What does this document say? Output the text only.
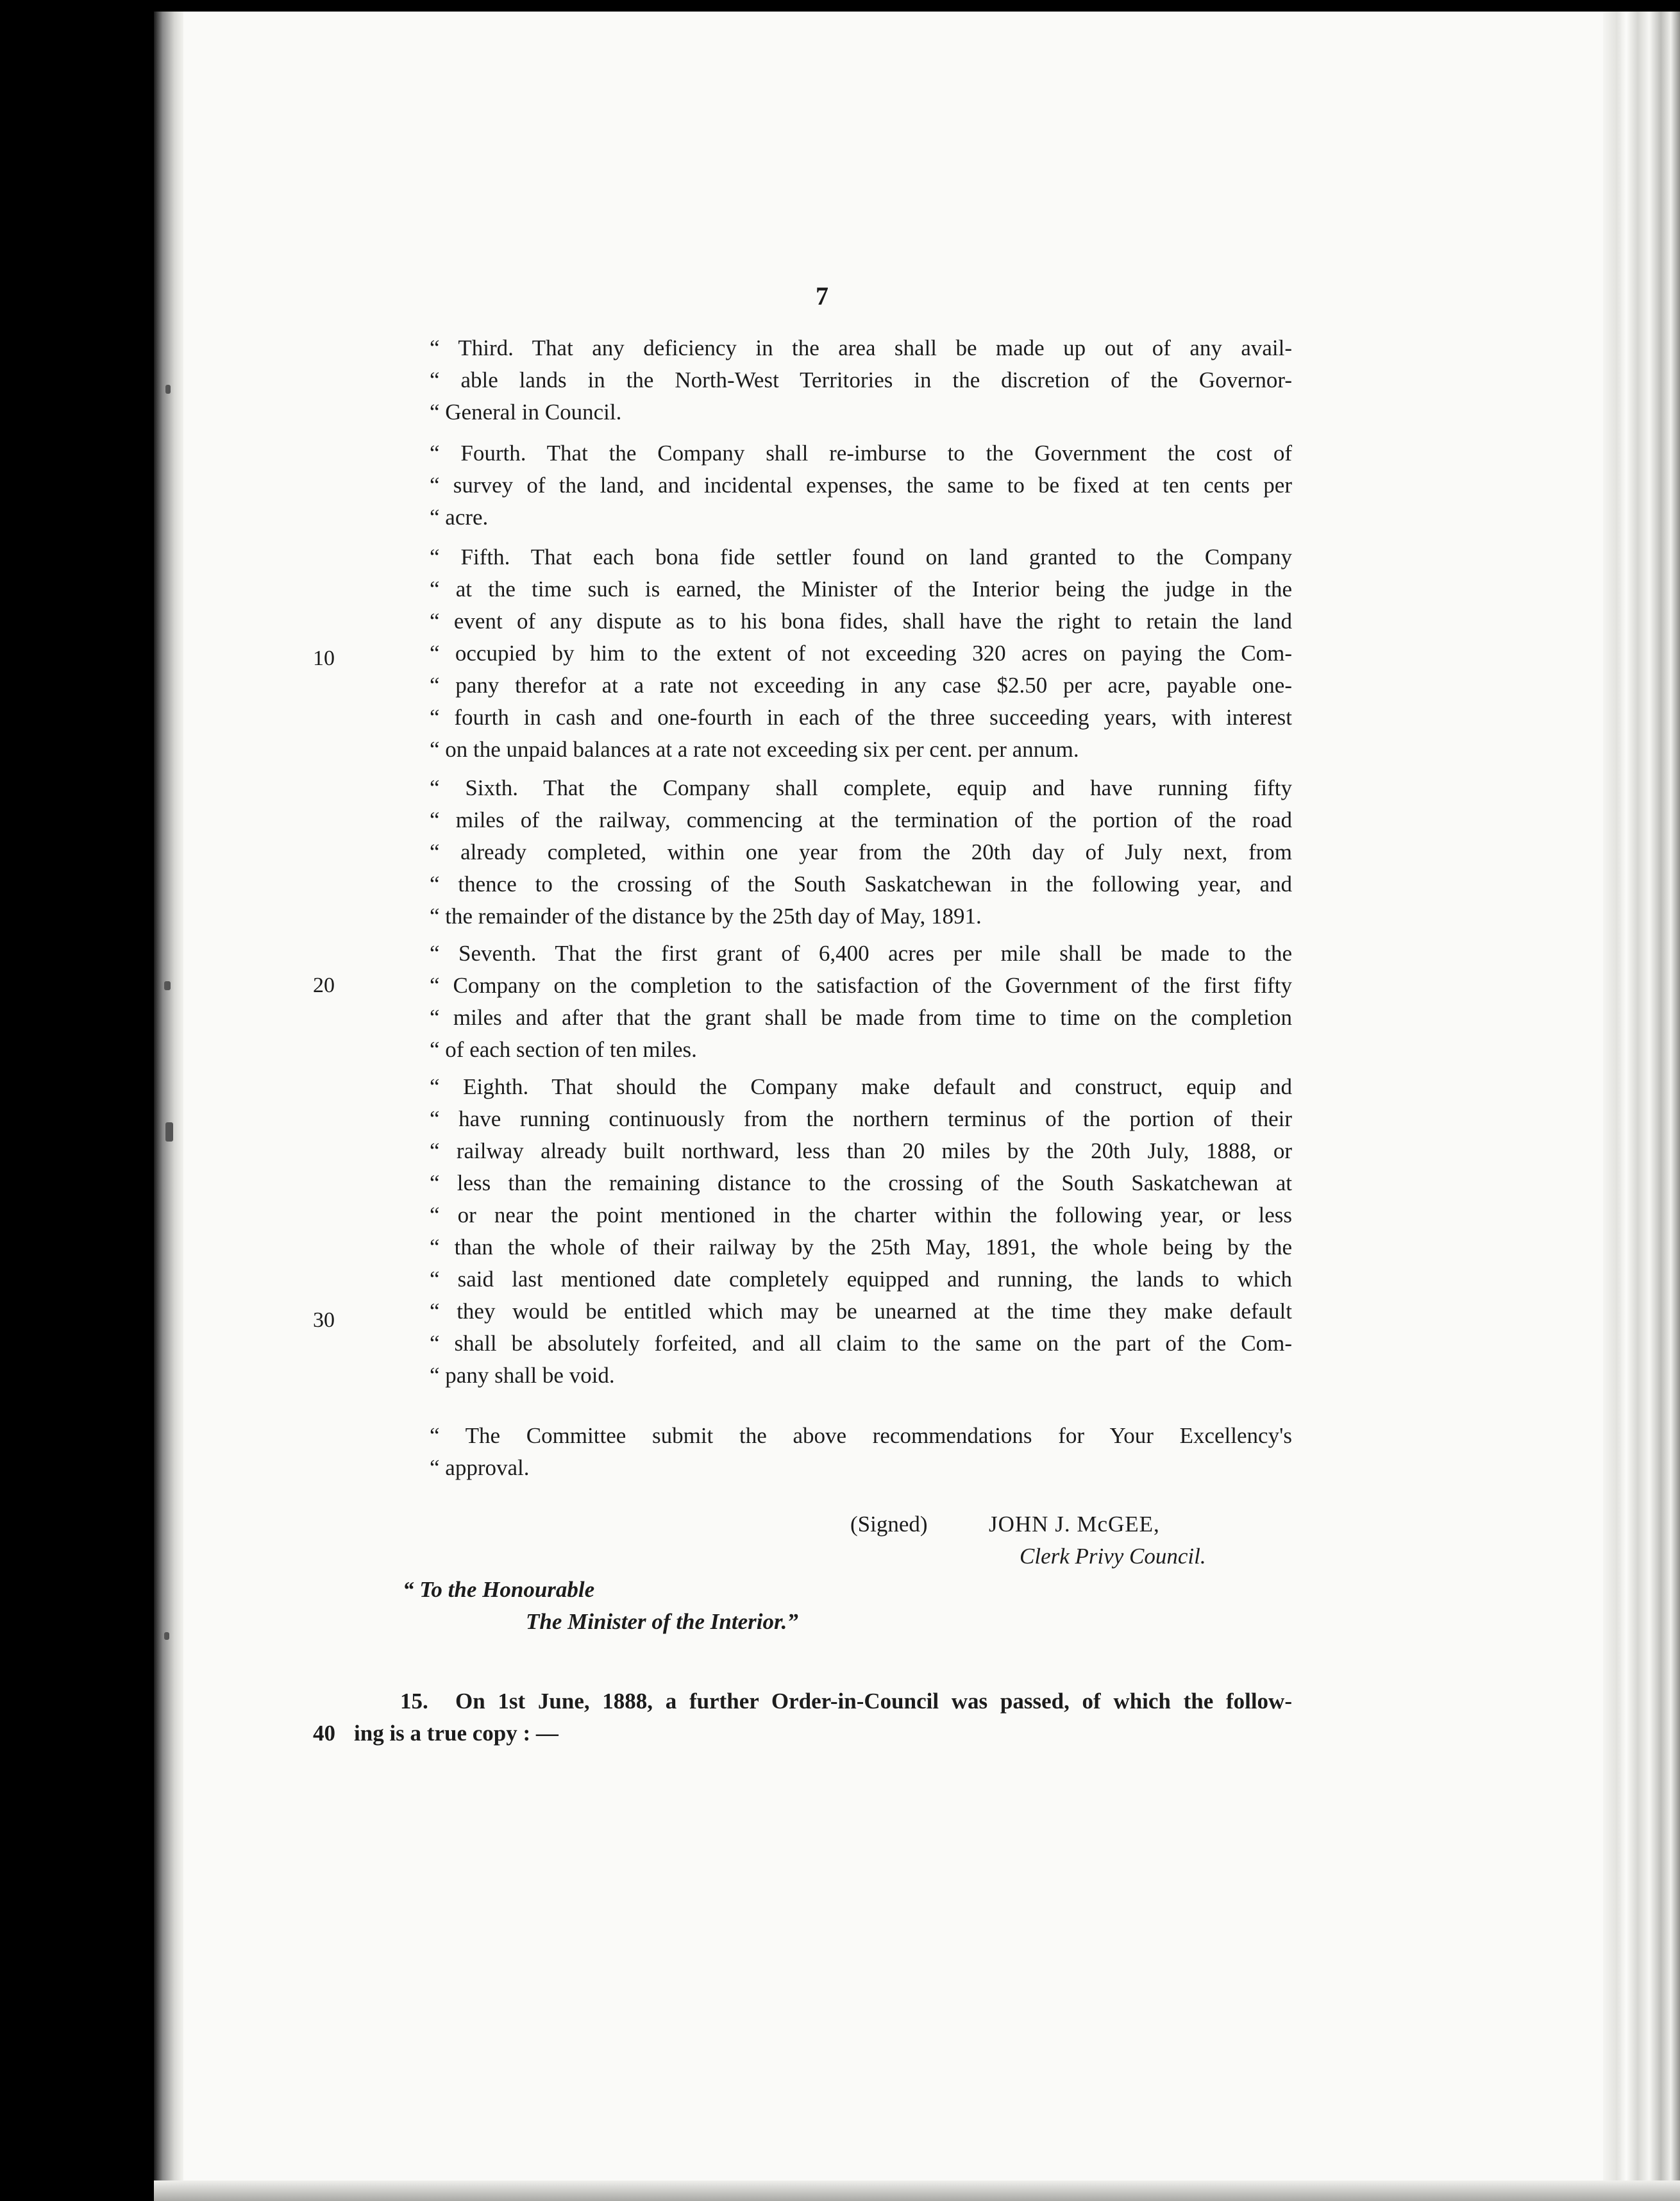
7
“ Third. That any deficiency in the area shall be made up out of any avail-
“ able lands in the North-West Territories in the discretion of the Governor-
“ General in Council.
“ Fourth. That the Company shall re-imburse to the Government the cost of
“ survey of the land, and incidental expenses, the same to be fixed at ten cents per
“ acre.
“ Fifth. That each bona fide settler found on land granted to the Company
“ at the time such is earned, the Minister of the Interior being the judge in the
“ event of any dispute as to his bona fides, shall have the right to retain the land
“ occupied by him to the extent of not exceeding 320 acres on paying the Com-
“ pany therefor at a rate not exceeding in any case $2.50 per acre, payable one-
“ fourth in cash and one-fourth in each of the three succeeding years, with interest
“ on the unpaid balances at a rate not exceeding six per cent. per annum.
10
“ Sixth. That the Company shall complete, equip and have running fifty
“ miles of the railway, commencing at the termination of the portion of the road
“ already completed, within one year from the 20th day of July next, from
“ thence to the crossing of the South Saskatchewan in the following year, and
“ the remainder of the distance by the 25th day of May, 1891.
“ Seventh. That the first grant of 6,400 acres per mile shall be made to the
“ Company on the completion to the satisfaction of the Government of the first fifty
“ miles and after that the grant shall be made from time to time on the completion
“ of each section of ten miles.
20
“ Eighth. That should the Company make default and construct, equip and
“ have running continuously from the northern terminus of the portion of their
“ railway already built northward, less than 20 miles by the 20th July, 1888, or
“ less than the remaining distance to the crossing of the South Saskatchewan at
“ or near the point mentioned in the charter within the following year, or less
“ than the whole of their railway by the 25th May, 1891, the whole being by the
“ said last mentioned date completely equipped and running, the lands to which
“ they would be entitled which may be unearned at the time they make default
“ shall be absolutely forfeited, and all claim to the same on the part of the Com-
“ pany shall be void.
30
“ The Committee submit the above recommendations for Your Excellency's
“ approval.
(Signed)	JOHN J. McGEE,
Clerk Privy Council.
“ To the Honourable
The Minister of the Interior.”
15. On 1st June, 1888, a further Order-in-Council was passed, of which the follow-
40 ing is a true copy : —
